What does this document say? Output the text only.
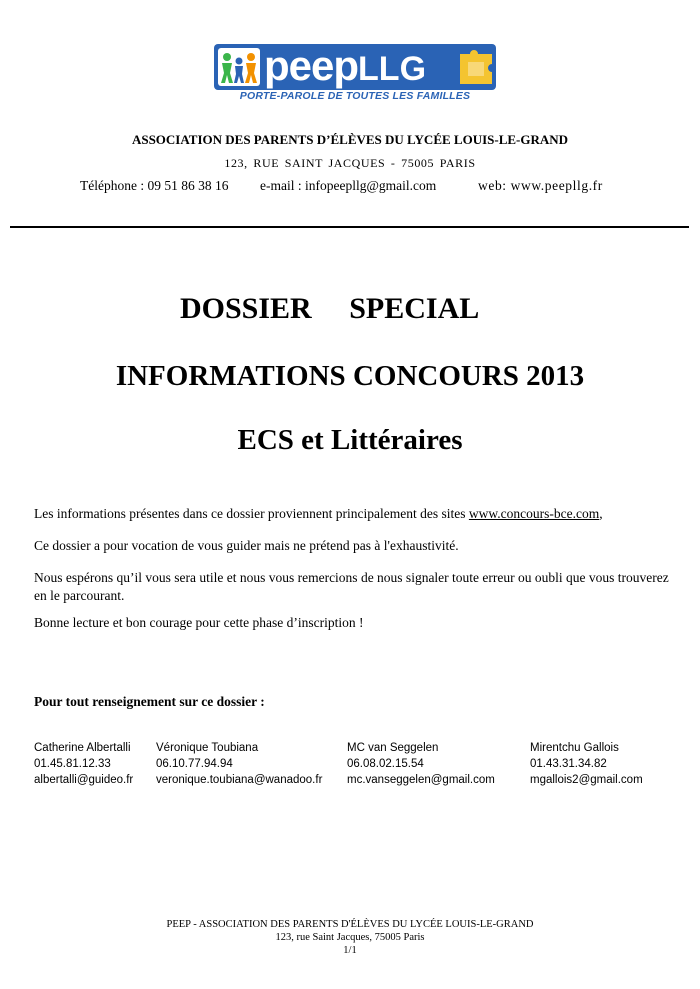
peepLLG
PORTE-PAROLE DE TOUTES LES FAMILLES
ASSOCIATION DES PARENTS D’ÉLÈVES DU LYCÉE LOUIS-LE-GRAND
123, RUE SAINT JACQUES - 75005 PARIS
Téléphone : 09 51 86 38 16 e-mail : infopeepllg@gmail.com	web: www.peepllg.fr
DOSSIER     SPECIAL
INFORMATIONS CONCOURS 2013
ECS et Littéraires
Les informations présentes dans ce dossier proviennent principalement des sites www.concours-bce.com,
Ce dossier a pour vocation de vous guider mais ne prétend pas à l'exhaustivité.
Nous espérons qu’il vous sera utile et nous vous remercions de nous signaler toute erreur ou oubli que vous trouverez en le parcourant.
Bonne lecture et bon courage pour cette phase d’inscription !
Pour tout renseignement sur ce dossier :
Catherine Albertalli
01.45.81.12.33
albertalli@guideo.fr
Véronique Toubiana
06.10.77.94.94
veronique.toubiana@wanadoo.fr
MC van Seggelen
06.08.02.15.54
mc.vanseggelen@gmail.com
Mirentchu Gallois
01.43.31.34.82
mgallois2@gmail.com
PEEP - ASSOCIATION DES PARENTS D'ÉLÈVES DU LYCÉE LOUIS-LE-GRAND
123, rue Saint Jacques, 75005 Paris
1/1
